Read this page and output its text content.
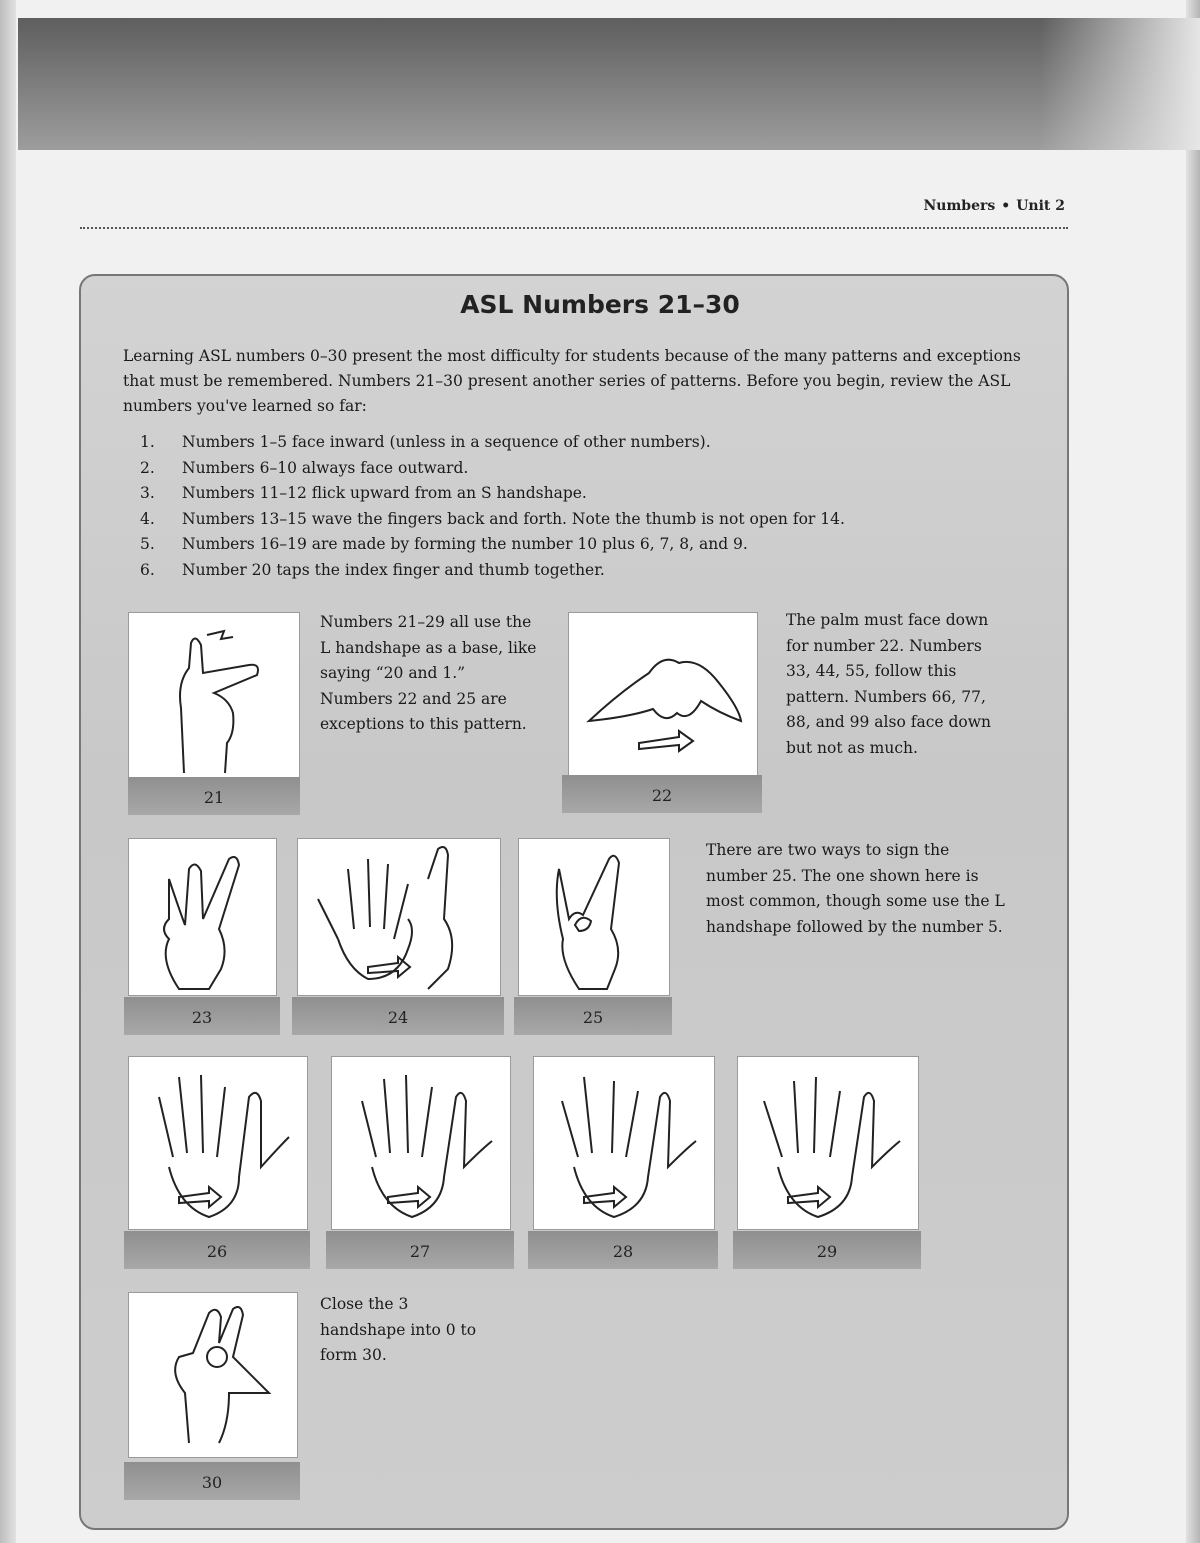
Numbers • Unit 2
ASL Numbers 21–30
Learning ASL numbers 0–30 present the most difficulty for students because of the many patterns and exceptions that must be remembered. Numbers 21–30 present another series of patterns. Before you begin, review the ASL numbers you've learned so far:
1.	Numbers 1–5 face inward (unless in a sequence of other numbers).
2.	Numbers 6–10 always face outward.
3.	Numbers 11–12 flick upward from an S handshape.
4.	Numbers 13–15 wave the fingers back and forth. Note the thumb is not open for 14.
5.	Numbers 16–19 are made by forming the number 10 plus 6, 7, 8, and 9.
6.	Number 20 taps the index finger and thumb together.
21
Numbers 21–29 all use the L handshape as a base, like saying “20 and 1.” Numbers 22 and 25 are exceptions to this pattern.
22
The palm must face down for number 22. Numbers 33, 44, 55, follow this pattern. Numbers 66, 77, 88, and 99 also face down but not as much.
23	24	25
There are two ways to sign the number 25. The one shown here is most common, though some use the L handshape followed by the number 5.
26	27	28	29
30
Close the 3 handshape into 0 to form 30.
